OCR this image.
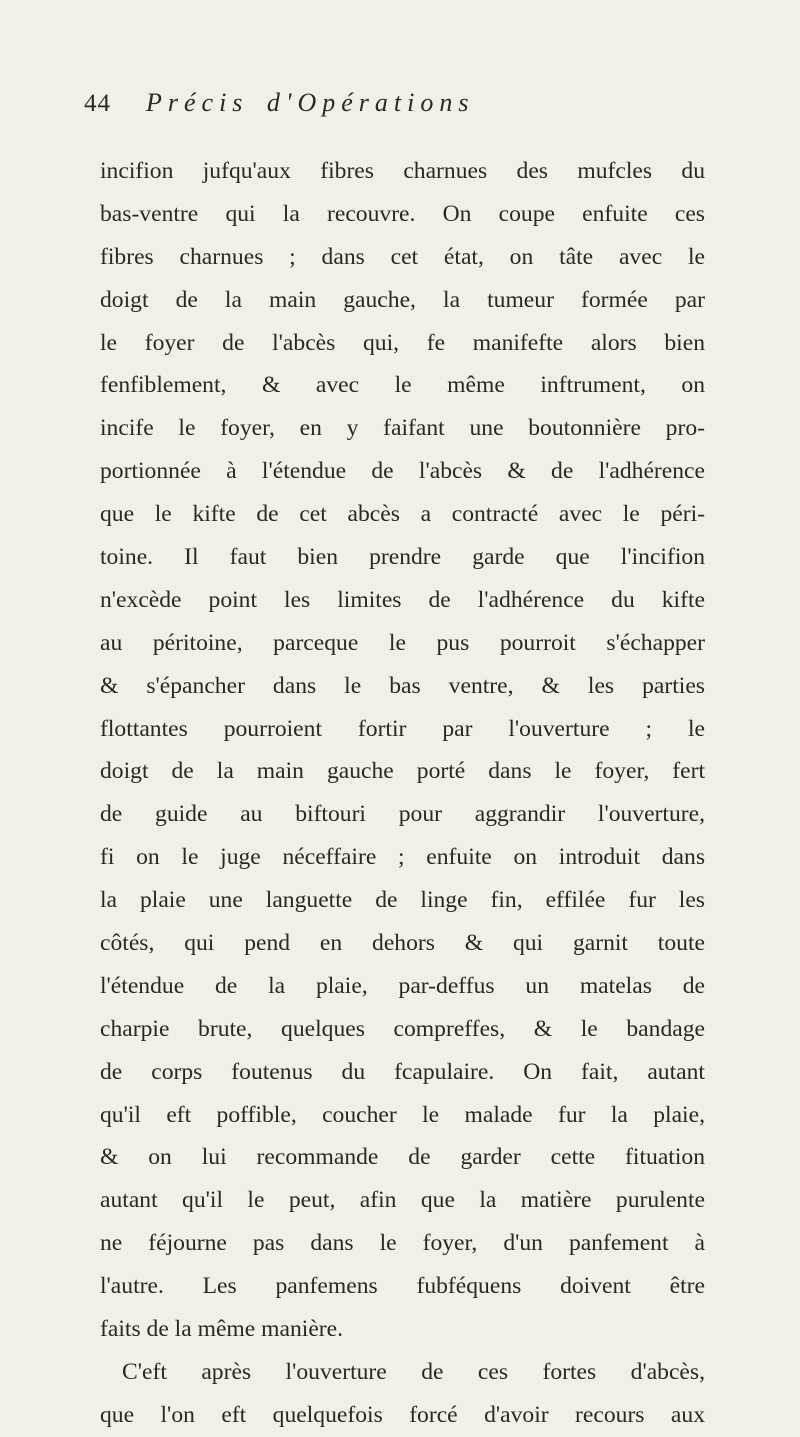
44 Précis d'Opérations
incifion jufqu'aux fibres charnues des mufcles du
bas-ventre qui la recouvre. On coupe enfuite ces
fibres charnues ; dans cet état, on tâte avec le
doigt de la main gauche, la tumeur formée par
le foyer de l'abcès qui, fe manifefte alors bien
fenfiblement, & avec le même inftrument, on
incife le foyer, en y faifant une boutonnière pro-
portionnée à l'étendue de l'abcès & de l'adhérence
que le kifte de cet abcès a contracté avec le péri-
toine. Il faut bien prendre garde que l'incifion
n'excède point les limites de l'adhérence du kifte
au péritoine, parceque le pus pourroit s'échapper
& s'épancher dans le bas ventre, & les parties
flottantes pourroient fortir par l'ouverture ; le
doigt de la main gauche porté dans le foyer, fert
de guide au biftouri pour aggrandir l'ouverture,
fi on le juge néceffaire ; enfuite on introduit dans
la plaie une languette de linge fin, effilée fur les
côtés, qui pend en dehors & qui garnit toute
l'étendue de la plaie, par-deffus un matelas de
charpie brute, quelques compreffes, & le bandage
de corps foutenus du fcapulaire. On fait, autant
qu'il eft poffible, coucher le malade fur la plaie,
& on lui recommande de garder cette fituation
autant qu'il le peut, afin que la matière purulente
ne féjourne pas dans le foyer, d'un panfement à
l'autre. Les panfemens fubféquens doivent être
faits de la même manière.
C'eft après l'ouverture de ces fortes d'abcès,
que l'on eft quelquefois forcé d'avoir recours aux
